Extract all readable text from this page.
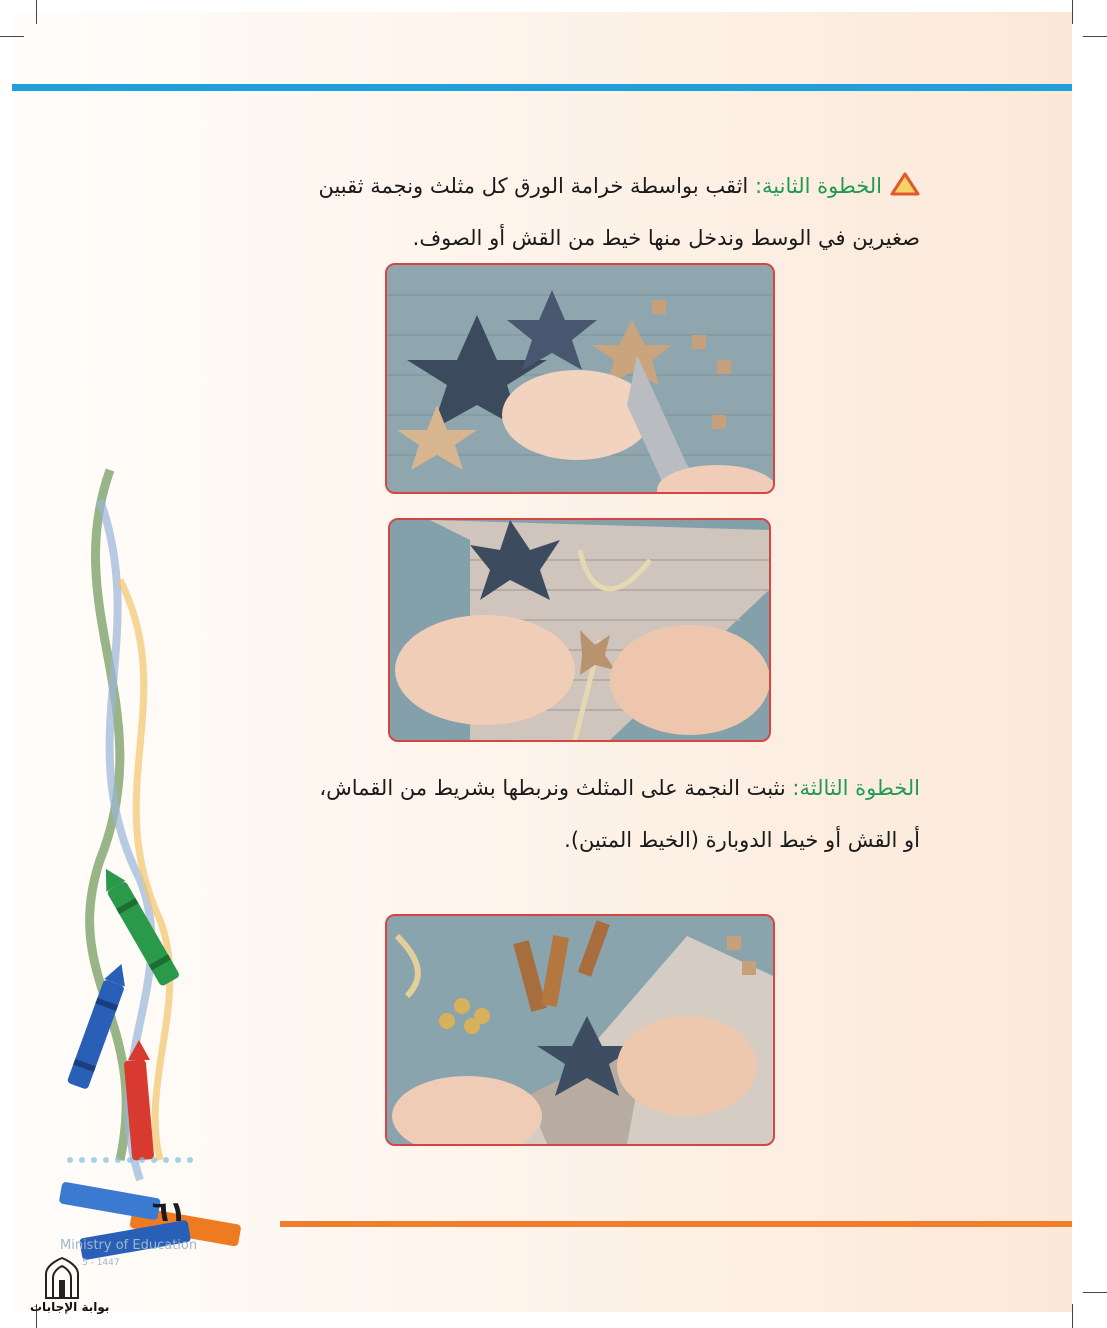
الخطوة الثانية: اثقب بواسطة خرامة الورق كل مثلث ونجمة ثقبين
صغيرين في الوسط وندخل منها خيط من القش أو الصوف.
الخطوة الثالثة: نثبت النجمة على المثلث ونربطها بشريط من القماش،
أو القش أو خيط الدوبارة (الخيط المتين).
٦١
Ministry of Education
5 - 1447
بوابة الإجابات
